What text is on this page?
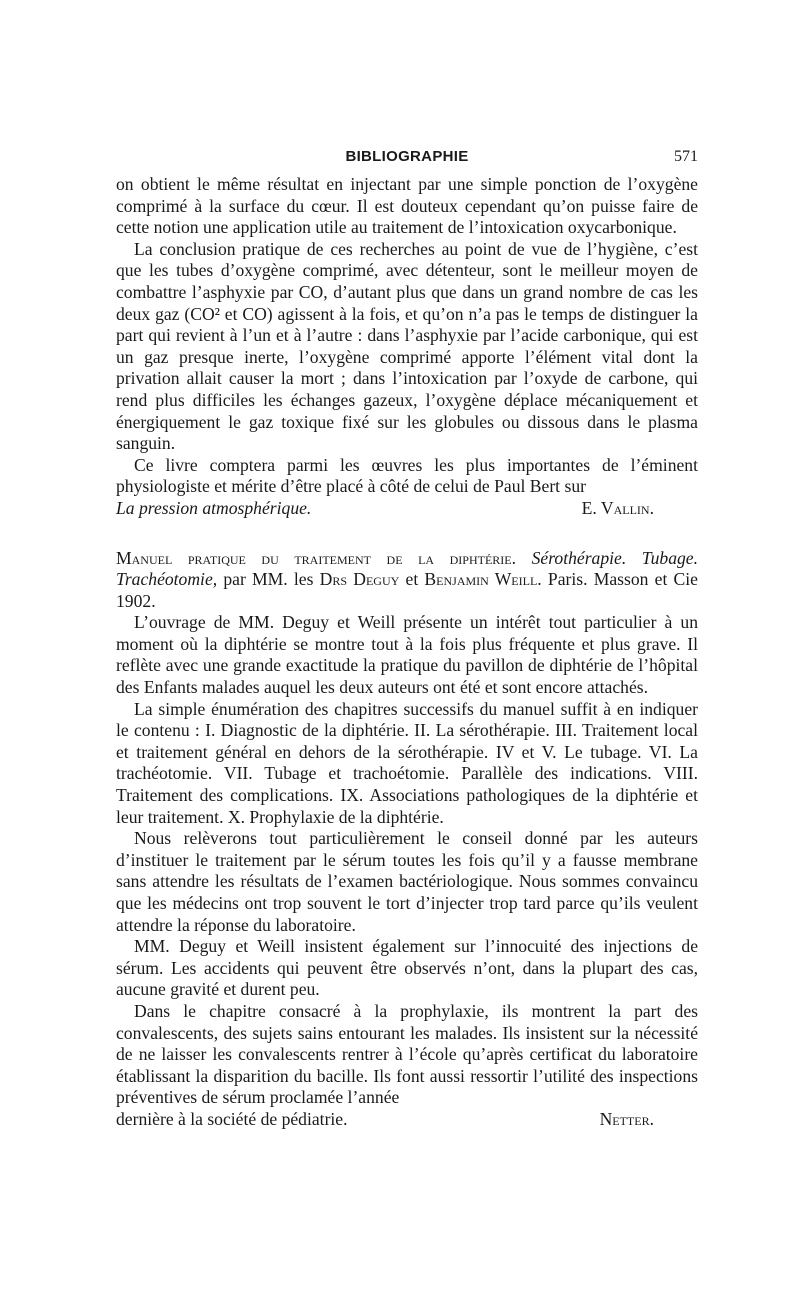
BIBLIOGRAPHIE	571

on obtient le même résultat en injectant par une simple ponction de l’oxygène comprimé à la surface du cœur. Il est douteux cependant qu’on puisse faire de cette notion une application utile au traitement de l’intoxication oxycarbonique.

La conclusion pratique de ces recherches au point de vue de l’hygiène, c’est que les tubes d’oxygène comprimé, avec détenteur, sont le meilleur moyen de combattre l’asphyxie par CO, d’autant plus que dans un grand nombre de cas les deux gaz (CO² et CO) agissent à la fois, et qu’on n’a pas le temps de distinguer la part qui revient à l’un et à l’autre : dans l’asphyxie par l’acide carbonique, qui est un gaz presque inerte, l’oxygène comprimé apporte l’élément vital dont la privation allait causer la mort ; dans l’intoxication par l’oxyde de carbone, qui rend plus difficiles les échanges gazeux, l’oxygène déplace mécaniquement et énergiquement le gaz toxique fixé sur les globules ou dissous dans le plasma sanguin.

Ce livre comptera parmi les œuvres les plus importantes de l’éminent physiologiste et mérite d’être placé à côté de celui de Paul Bert sur

La pression atmosphérique.	E. Vallin.

Manuel pratique du traitement de la diphtérie. Sérothérapie. Tubage. Trachéotomie, par MM. les Drs Deguy et Benjamin Weill. Paris. Masson et Cie 1902.

L’ouvrage de MM. Deguy et Weill présente un intérêt tout particulier à un moment où la diphtérie se montre tout à la fois plus fréquente et plus grave. Il reflète avec une grande exactitude la pratique du pavillon de diphtérie de l’hôpital des Enfants malades auquel les deux auteurs ont été et sont encore attachés.

La simple énumération des chapitres successifs du manuel suffit à en indiquer le contenu : I. Diagnostic de la diphtérie. II. La sérothérapie. III. Traitement local et traitement général en dehors de la sérothérapie. IV et V. Le tubage. VI. La trachéotomie. VII. Tubage et trachoétomie. Parallèle des indications. VIII. Traitement des complications. IX. Associations pathologiques de la diphtérie et leur traitement. X. Prophylaxie de la diphtérie.

Nous relèverons tout particulièrement le conseil donné par les auteurs d’instituer le traitement par le sérum toutes les fois qu’il y a fausse membrane sans attendre les résultats de l’examen bactériologique. Nous sommes convaincu que les médecins ont trop souvent le tort d’injecter trop tard parce qu’ils veulent attendre la réponse du laboratoire.

MM. Deguy et Weill insistent également sur l’innocuité des injections de sérum. Les accidents qui peuvent être observés n’ont, dans la plupart des cas, aucune gravité et durent peu.

Dans le chapitre consacré à la prophylaxie, ils montrent la part des convalescents, des sujets sains entourant les malades. Ils insistent sur la nécessité de ne laisser les convalescents rentrer à l’école qu’après certificat du laboratoire établissant la disparition du bacille. Ils font aussi ressortir l’utilité des inspections préventives de sérum proclamée l’année

dernière à la société de pédiatrie.	Netter.
